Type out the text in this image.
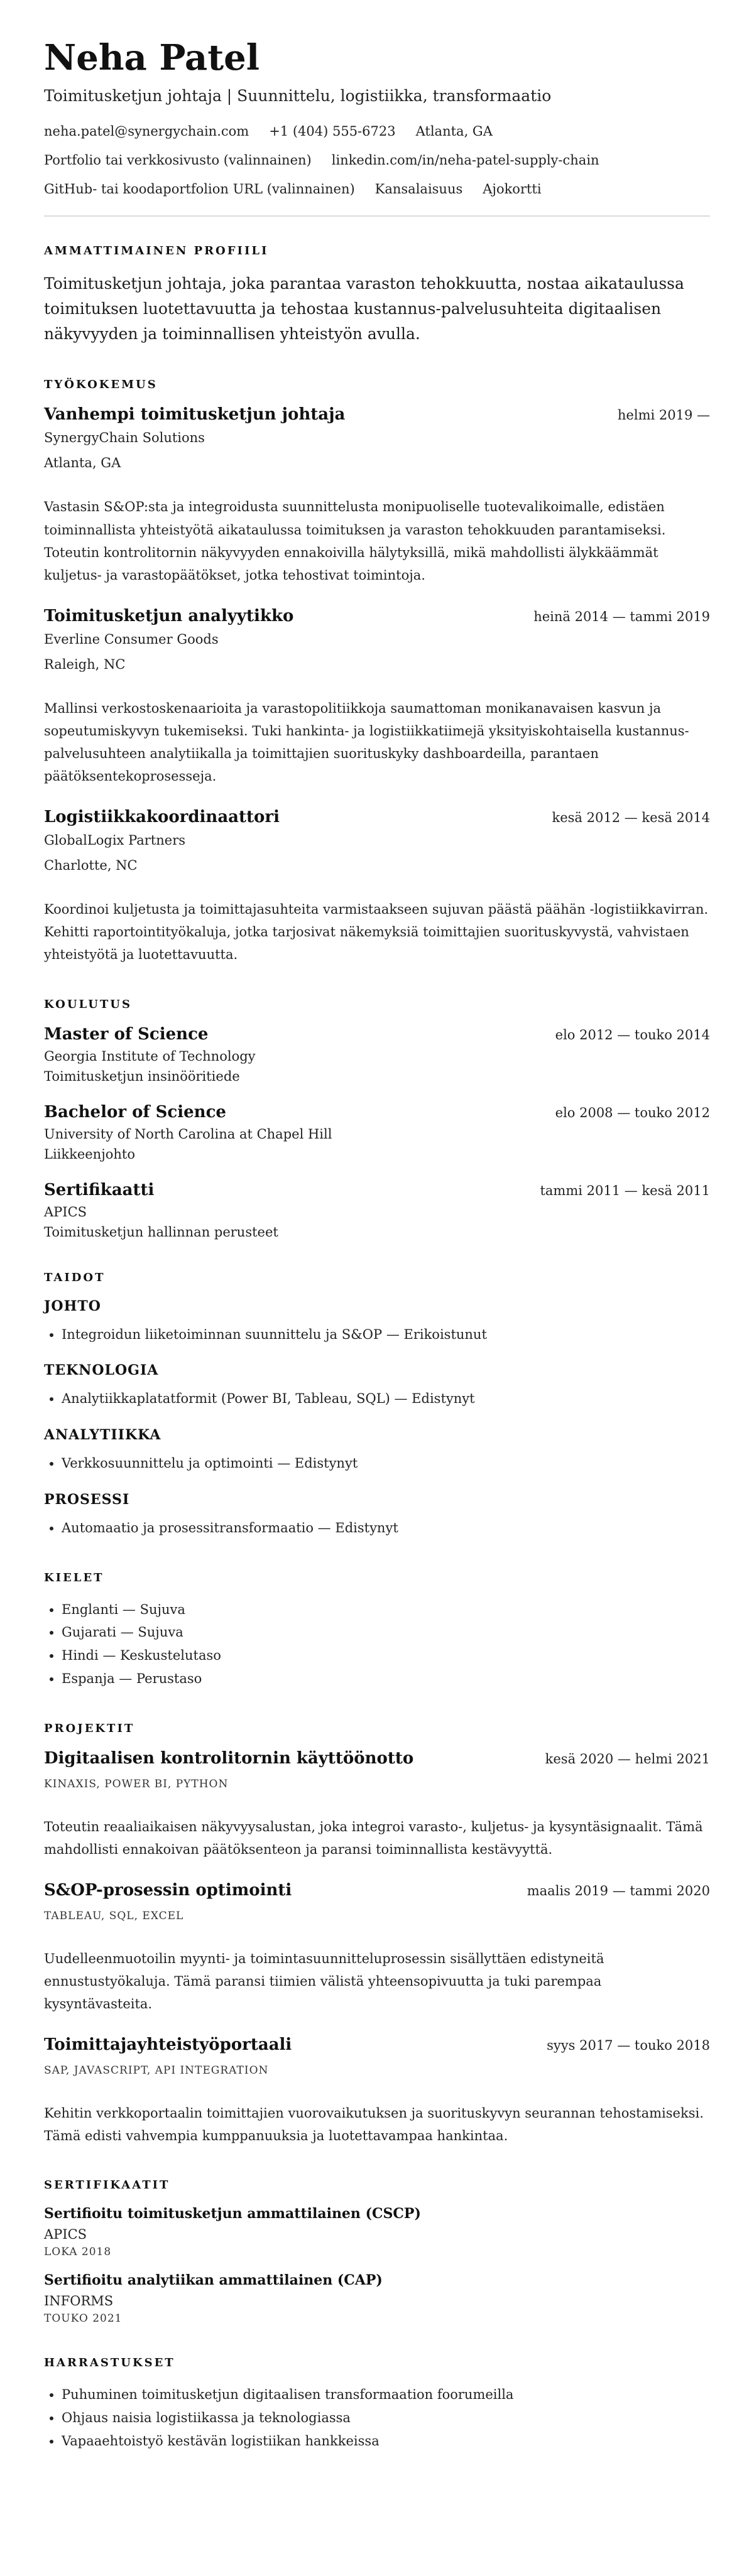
Neha Patel
Toimitusketjun johtaja | Suunnittelu, logistiikka, transformaatio
neha.patel@synergychain.com +1 (404) 555-6723 Atlanta, GA
Portfolio tai verkkosivusto (valinnainen) linkedin.com/in/neha-patel-supply-chain
GitHub- tai koodaportfolion URL (valinnainen) Kansalaisuus Ajokortti
AMMATTIMAINEN PROFIILI

Toimitusketjun johtaja, joka parantaa varaston tehokkuutta, nostaa aikataulussa toimituksen luotettavuutta ja tehostaa kustannus-palvelusuhteita digitaalisen näkyvyyden ja toiminnallisen yhteistyön avulla.

TYÖKOKEMUS
Vanhempi toimitusketjun johtaja	helmi 2019 —
SynergyChain Solutions
Atlanta, GA
Vastasin S&OP:sta ja integroidusta suunnittelusta monipuoliselle tuotevalikoimalle, edistäen toiminnallista yhteistyötä aikataulussa toimituksen ja varaston tehokkuuden parantamiseksi. Toteutin kontrolitornin näkyvyyden ennakoivilla hälytyksillä, mikä mahdollisti älykkäämmät kuljetus- ja varastopäätökset, jotka tehostivat toimintoja.
Toimitusketjun analyytikko	heinä 2014 — tammi 2019
Everline Consumer Goods
Raleigh, NC
Mallinsi verkostoskenaarioita ja varastopolitiikkoja saumattoman monikanavaisen kasvun ja sopeutumiskyvyn tukemiseksi. Tuki hankinta- ja logistiikkatiimejä yksityiskohtaisella kustannus-palvelusuhteen analytiikalla ja toimittajien suorituskyky dashboardeilla, parantaen päätöksentekoprosesseja.
Logistiikkakoordinaattori	kesä 2012 — kesä 2014
GlobalLogix Partners
Charlotte, NC
Koordinoi kuljetusta ja toimittajasuhteita varmistaakseen sujuvan päästä päähän -logistiikkavirran. Kehitti raportointityökaluja, jotka tarjosivat näkemyksiä toimittajien suorituskyvystä, vahvistaen yhteistyötä ja luotettavuutta.
KOULUTUS
Master of Science	elo 2012 — touko 2014
Georgia Institute of Technology
Toimitusketjun insinööritiede
Bachelor of Science	elo 2008 — touko 2012
University of North Carolina at Chapel Hill
Liikkeenjohto
Sertifikaatti	tammi 2011 — kesä 2011
APICS
Toimitusketjun hallinnan perusteet
TAIDOT
JOHTO
• Integroidun liiketoiminnan suunnittelu ja S&OP — Erikoistunut
TEKNOLOGIA
• Analytiikkaplatatformit (Power BI, Tableau, SQL) — Edistynyt
ANALYTIIKKA
• Verkkosuunnittelu ja optimointi — Edistynyt
PROSESSI
• Automaatio ja prosessitransformaatio — Edistynyt
KIELET
• Englanti — Sujuva
• Gujarati — Sujuva
• Hindi — Keskustelutaso
• Espanja — Perustaso
PROJEKTIT
Digitaalisen kontrolitornin käyttöönotto	kesä 2020 — helmi 2021
KINAXIS, POWER BI, PYTHON
Toteutin reaaliaikaisen näkyvyysalustan, joka integroi varasto-, kuljetus- ja kysyntäsignaalit. Tämä mahdollisti ennakoivan päätöksenteon ja paransi toiminnallista kestävyyttä.
S&OP-prosessin optimointi	maalis 2019 — tammi 2020
TABLEAU, SQL, EXCEL
Uudelleenmuotoilin myynti- ja toimintasuunnitteluprosessin sisällyttäen edistyneitä ennustustyökaluja. Tämä paransi tiimien välistä yhteensopivuutta ja tuki parempaa kysyntävasteita.
Toimittajayhteistyöportaali	syys 2017 — touko 2018
SAP, JAVASCRIPT, API INTEGRATION
Kehitin verkkoportaalin toimittajien vuorovaikutuksen ja suorituskyvyn seurannan tehostamiseksi. Tämä edisti vahvempia kumppanuuksia ja luotettavampaa hankintaa.
SERTIFIKAATIT
Sertifioitu toimitusketjun ammattilainen (CSCP)
APICS
LOKA 2018
Sertifioitu analytiikan ammattilainen (CAP)
INFORMS
TOUKO 2021
HARRASTUKSET
• Puhuminen toimitusketjun digitaalisen transformaation foorumeilla
• Ohjaus naisia logistiikassa ja teknologiassa
• Vapaaehtoistyö kestävän logistiikan hankkeissa
